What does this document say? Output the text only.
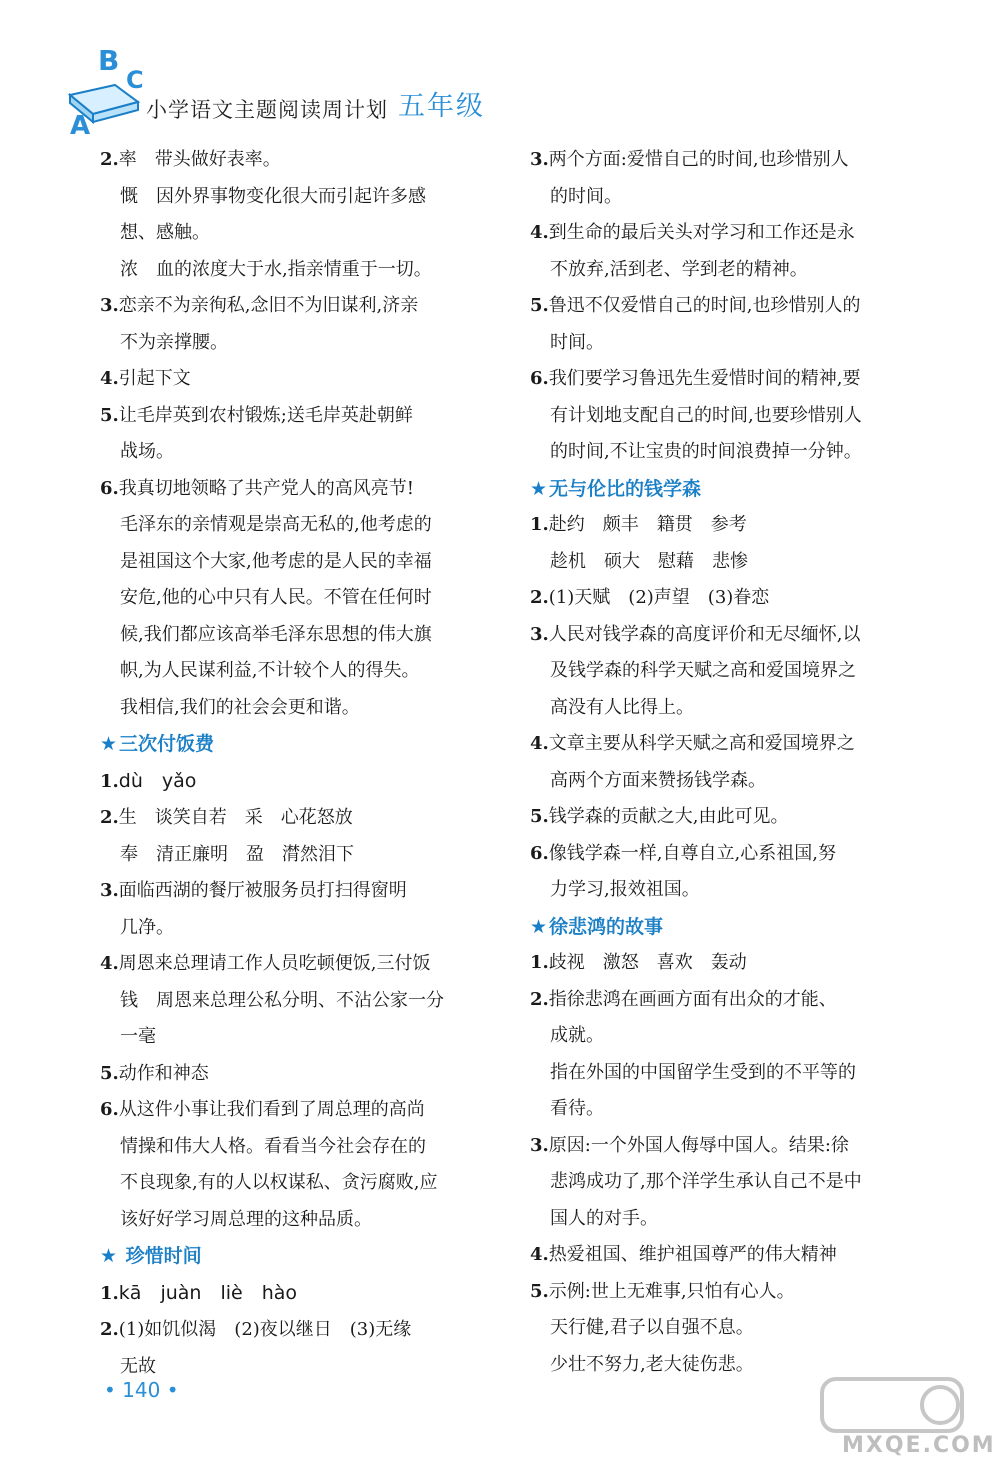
A
B
C
小学语文主题阅读周计划 五年级
2.率　带头做好表率。
慨　因外界事物变化很大而引起许多感
想、感触。
浓　血的浓度大于水,指亲情重于一切。
3.恋亲不为亲徇私,念旧不为旧谋利,济亲
不为亲撑腰。
4.引起下文
5.让毛岸英到农村锻炼;送毛岸英赴朝鲜
战场。
6.我真切地领略了共产党人的高风亮节!
毛泽东的亲情观是崇高无私的,他考虑的
是祖国这个大家,他考虑的是人民的幸福
安危,他的心中只有人民。不管在任何时
候,我们都应该高举毛泽东思想的伟大旗
帜,为人民谋利益,不计较个人的得失。
我相信,我们的社会会更和谐。
★ 三次付饭费
1.dù　yǎo
2.生　谈笑自若　采　心花怒放
奉　清正廉明　盈　潸然泪下
3.面临西湖的餐厅被服务员打扫得窗明
几净。
4.周恩来总理请工作人员吃顿便饭,三付饭
钱　周恩来总理公私分明、不沾公家一分
一毫
5.动作和神态
6.从这件小事让我们看到了周总理的高尚
情操和伟大人格。看看当今社会存在的
不良现象,有的人以权谋私、贪污腐败,应
该好好学习周总理的这种品质。
★ 珍惜时间
1.kā　juàn　liè　hào
2.(1)如饥似渴　(2)夜以继日　(3)无缘
无故
3.两个方面:爱惜自己的时间,也珍惜别人
的时间。
4.到生命的最后关头对学习和工作还是永
不放弃,活到老、学到老的精神。
5.鲁迅不仅爱惜自己的时间,也珍惜别人的
时间。
6.我们要学习鲁迅先生爱惜时间的精神,要
有计划地支配自己的时间,也要珍惜别人
的时间,不让宝贵的时间浪费掉一分钟。
★ 无与伦比的钱学森
1.赴约　颇丰　籍贯　参考
趁机　硕大　慰藉　悲惨
2.(1)天赋　(2)声望　(3)眷恋
3.人民对钱学森的高度评价和无尽缅怀,以
及钱学森的科学天赋之高和爱国境界之
高没有人比得上。
4.文章主要从科学天赋之高和爱国境界之
高两个方面来赞扬钱学森。
5.钱学森的贡献之大,由此可见。
6.像钱学森一样,自尊自立,心系祖国,努
力学习,报效祖国。
★ 徐悲鸿的故事
1.歧视　激怒　喜欢　轰动
2.指徐悲鸿在画画方面有出众的才能、
成就。
指在外国的中国留学生受到的不平等的
看待。
3.原因:一个外国人侮辱中国人。结果:徐
悲鸿成功了,那个洋学生承认自己不是中
国人的对手。
4.热爱祖国、维护祖国尊严的伟大精神
5.示例:世上无难事,只怕有心人。
天行健,君子以自强不息。
少壮不努力,老大徒伤悲。
• 140 •
MXQE.COM
